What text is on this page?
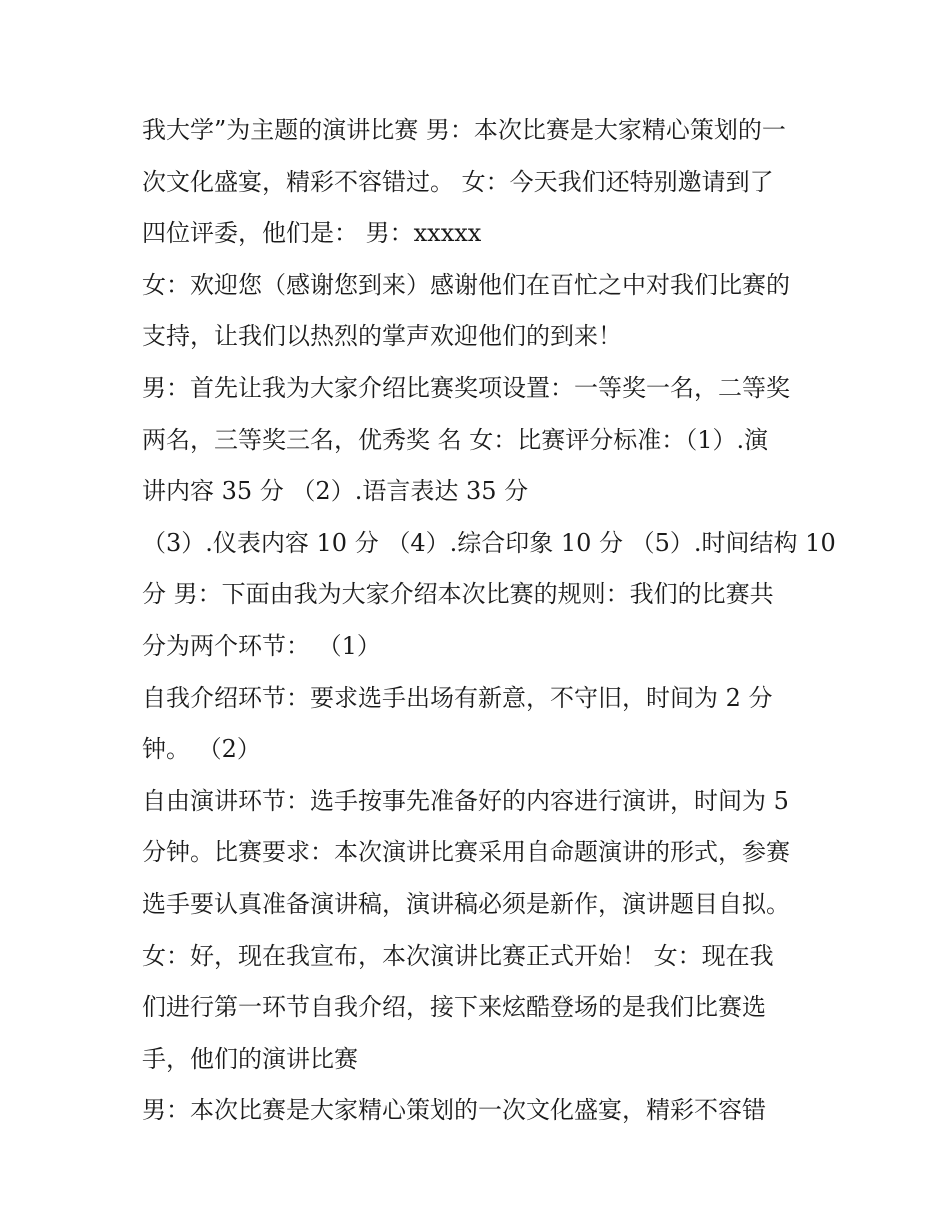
我大学”为主题的演讲比赛 男：本次比赛是大家精心策划的一
次文化盛宴，精彩不容错过。 女：今天我们还特别邀请到了
四位评委，他们是： 男：xxxxx
女：欢迎您（感谢您到来）感谢他们在百忙之中对我们比赛的
支持，让我们以热烈的掌声欢迎他们的到来！
男：首先让我为大家介绍比赛奖项设置：一等奖一名，二等奖
两名，三等奖三名，优秀奖 名 女：比赛评分标准：（1）.演
讲内容 35 分 （2）.语言表达 35 分
（3）.仪表内容 10 分 （4）.综合印象 10 分 （5）.时间结构 10
分 男：下面由我为大家介绍本次比赛的规则：我们的比赛共
分为两个环节： （1）
自我介绍环节：要求选手出场有新意，不守旧，时间为 2 分
钟。 （2）
自由演讲环节：选手按事先准备好的内容进行演讲，时间为 5
分钟。比赛要求：本次演讲比赛采用自命题演讲的形式，参赛
选手要认真准备演讲稿，演讲稿必须是新作，演讲题目自拟。
女：好，现在我宣布，本次演讲比赛正式开始！ 女：现在我
们进行第一环节自我介绍，接下来炫酷登场的是我们比赛选
手，他们的演讲比赛
男：本次比赛是大家精心策划的一次文化盛宴，精彩不容错
